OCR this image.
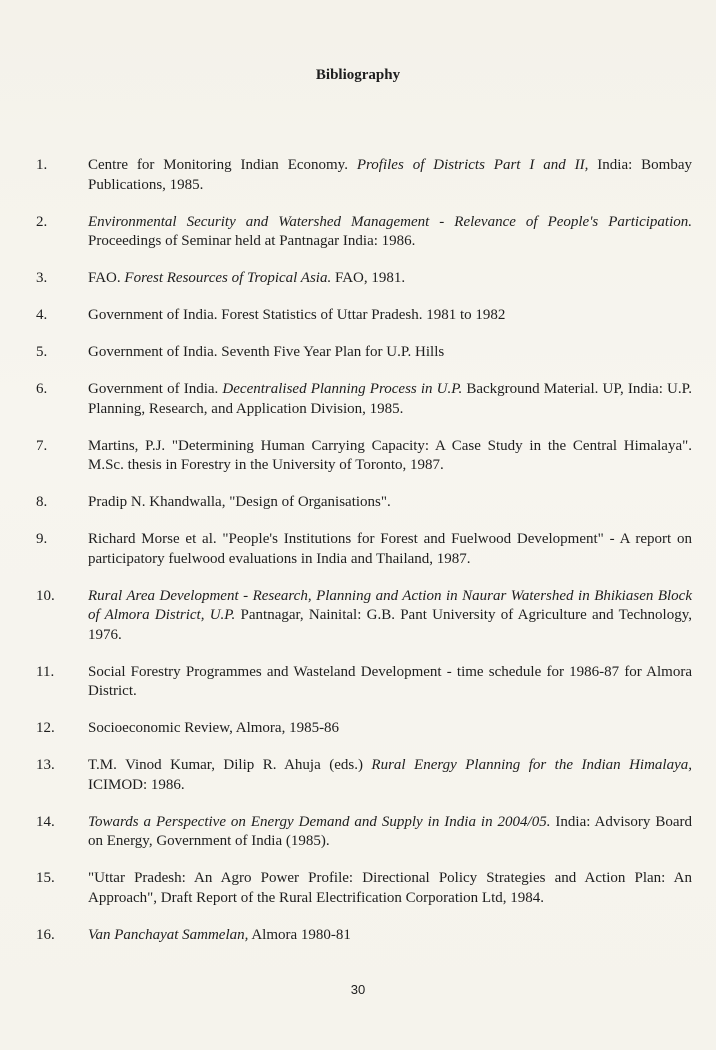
Bibliography
1.	Centre for Monitoring Indian Economy. Profiles of Districts Part I and II, India: Bombay Publications, 1985.
2.	Environmental Security and Watershed Management - Relevance of People's Participation. Proceedings of Seminar held at Pantnagar India: 1986.
3.	FAO. Forest Resources of Tropical Asia. FAO, 1981.
4.	Government of India. Forest Statistics of Uttar Pradesh. 1981 to 1982
5.	Government of India. Seventh Five Year Plan for U.P. Hills
6.	Government of India. Decentralised Planning Process in U.P. Background Material. UP, India: U.P. Planning, Research, and Application Division, 1985.
7.	Martins, P.J. "Determining Human Carrying Capacity: A Case Study in the Central Himalaya". M.Sc. thesis in Forestry in the University of Toronto, 1987.
8.	Pradip N. Khandwalla, "Design of Organisations".
9.	Richard Morse et al. "People's Institutions for Forest and Fuelwood Development" - A report on participatory fuelwood evaluations in India and Thailand, 1987.
10.	Rural Area Development - Research, Planning and Action in Naurar Watershed in Bhikiasen Block of Almora District, U.P. Pantnagar, Nainital: G.B. Pant University of Agriculture and Technology, 1976.
11.	Social Forestry Programmes and Wasteland Development - time schedule for 1986-87 for Almora District.
12.	Socioeconomic Review, Almora, 1985-86
13.	T.M. Vinod Kumar, Dilip R. Ahuja (eds.) Rural Energy Planning for the Indian Himalaya, ICIMOD: 1986.
14.	Towards a Perspective on Energy Demand and Supply in India in 2004/05. India: Advisory Board on Energy, Government of India (1985).
15.	"Uttar Pradesh: An Agro Power Profile: Directional Policy Strategies and Action Plan: An Approach", Draft Report of the Rural Electrification Corporation Ltd, 1984.
16.	Van Panchayat Sammelan, Almora 1980-81
30
